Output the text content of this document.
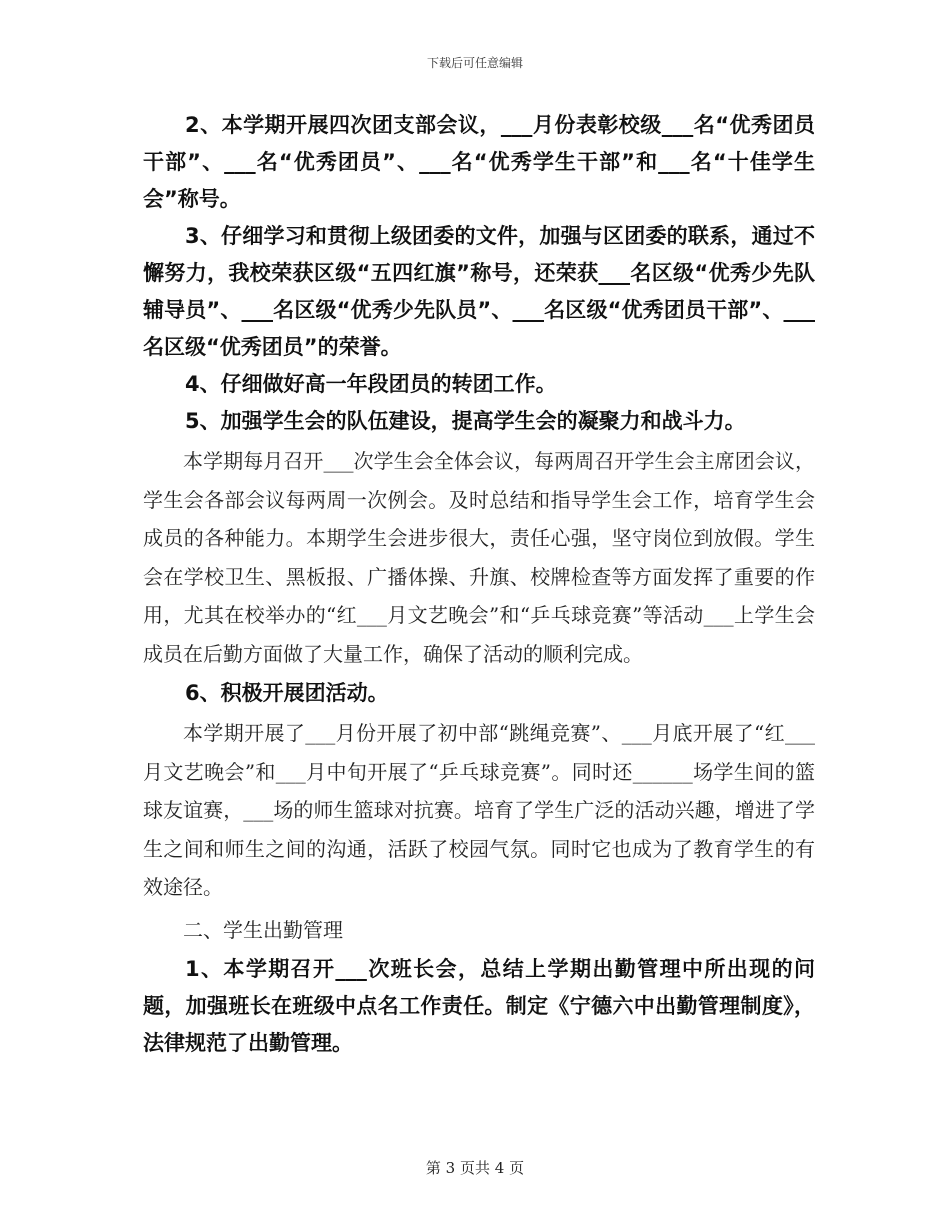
下载后可任意编辑

2、本学期开展四次团支部会议，___月份表彰校级___名“优秀团员干部”、___名“优秀团员”、___名“优秀学生干部”和___名“十佳学生会”称号。

3、仔细学习和贯彻上级团委的文件，加强与区团委的联系，通过不懈努力，我校荣获区级“五四红旗”称号，还荣获___名区级“优秀少先队辅导员”、___名区级“优秀少先队员”、___名区级“优秀团员干部”、___名区级“优秀团员”的荣誉。

4、仔细做好高一年段团员的转团工作。

5、加强学生会的队伍建设，提高学生会的凝聚力和战斗力。

本学期每月召开___次学生会全体会议，每两周召开学生会主席团会议，学生会各部会议每两周一次例会。及时总结和指导学生会工作，培育学生会成员的各种能力。本期学生会进步很大，责任心强，坚守岗位到放假。学生会在学校卫生、黑板报、广播体操、升旗、校牌检查等方面发挥了重要的作用，尤其在校举办的“红___月文艺晚会”和“乒乓球竞赛”等活动___上学生会成员在后勤方面做了大量工作，确保了活动的顺利完成。

6、积极开展团活动。

本学期开展了___月份开展了初中部“跳绳竞赛”、___月底开展了“红___月文艺晚会”和___月中旬开展了“乒乓球竞赛”。同时还______场学生间的篮球友谊赛，___场的师生篮球对抗赛。培育了学生广泛的活动兴趣，增进了学生之间和师生之间的沟通，活跃了校园气氛。同时它也成为了教育学生的有效途径。

二、学生出勤管理

1、本学期召开___次班长会，总结上学期出勤管理中所出现的问题，加强班长在班级中点名工作责任。制定《宁德六中出勤管理制度》，法律规范了出勤管理。

第 3 页共 4 页
